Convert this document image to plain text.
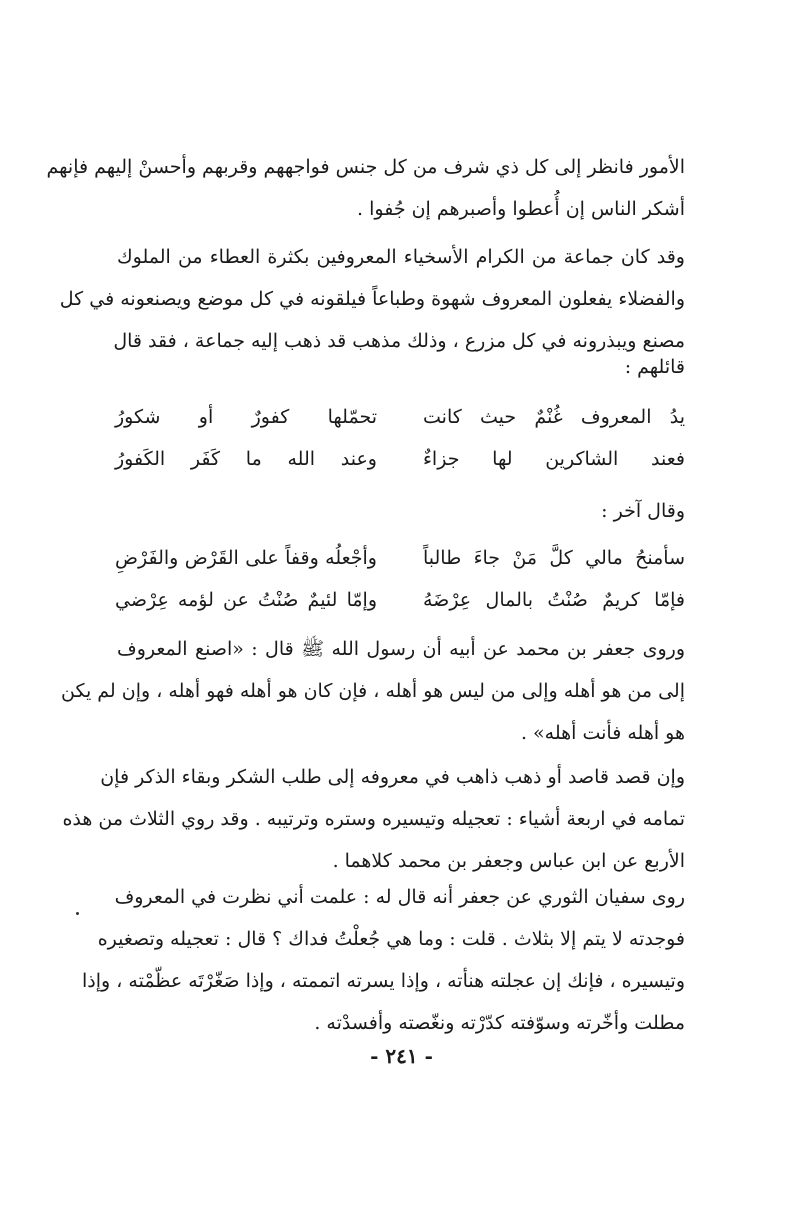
الأمور فانظر إلى كل ذي شرف من كل جنس فواجههم وقربهم وأحسنْ إليهم فإنهم
أشكر الناس إن أُعطوا وأصبرهم إن جُفوا .
وقد كان جماعة من الكرام الأسخياء المعروفين بكثرة العطاء من الملوك
والفضلاء يفعلون المعروف شهوة وطباعاً فيلقونه في كل موضع ويصنعونه في كل
مصنع ويبذرونه في كل مزرع ، وذلك مذهب قد ذهب إليه جماعة ، فقد قال
قائلهم :
يدُ المعروف غُنْمٌ حيث كانت
تحمّلها كفورٌ أو شكورُ
فعند الشاكرين لها جزاءٌ
وعند الله ما كَفَر الكَفورُ
وقال آخر :
سأمنحُ مالي كلَّ مَنْ جاءَ طالباً
وأجْعلُه وقفاً على القَرْض والفَرْضِ
فإمّا كريمٌ صُنْتُ بالمال عِرْضَهُ
وإمّا لئيمٌ صُنْتُ عن لؤمه عِرْضي
وروى جعفر بن محمد عن أبيه أن رسول الله ﷺ قال : «اصنع المعروف
إلى من هو أهله وإلى من ليس هو أهله ، فإن كان هو أهله فهو أهله ، وإن لم يكن
هو أهله فأنت أهله» .
وإن قصد قاصد أو ذهب ذاهب في معروفه إلى طلب الشكر وبقاء الذكر فإن
تمامه في اربعة أشياء : تعجيله وتيسيره وستره وترتيبه . وقد روي الثلاث من هذه
الأربع عن ابن عباس وجعفر بن محمد كلاهما .
روى سفيان الثوري عن جعفر أنه قال له : علمت أني نظرت في المعروف
فوجدته لا يتم إلا بثلاث . قلت : وما هي جُعلْتُ فداك ؟ قال : تعجيله وتصغيره
وتيسيره ، فإنك إن عجلته هنأته ، وإذا يسرته اتممته ، وإذا صَغّرْتَه عظّمْته ، وإذا
مطلت وأخّرته وسوّفته كدّرْته ونغّصته وأفسدْته .
- ٢٤١ -
